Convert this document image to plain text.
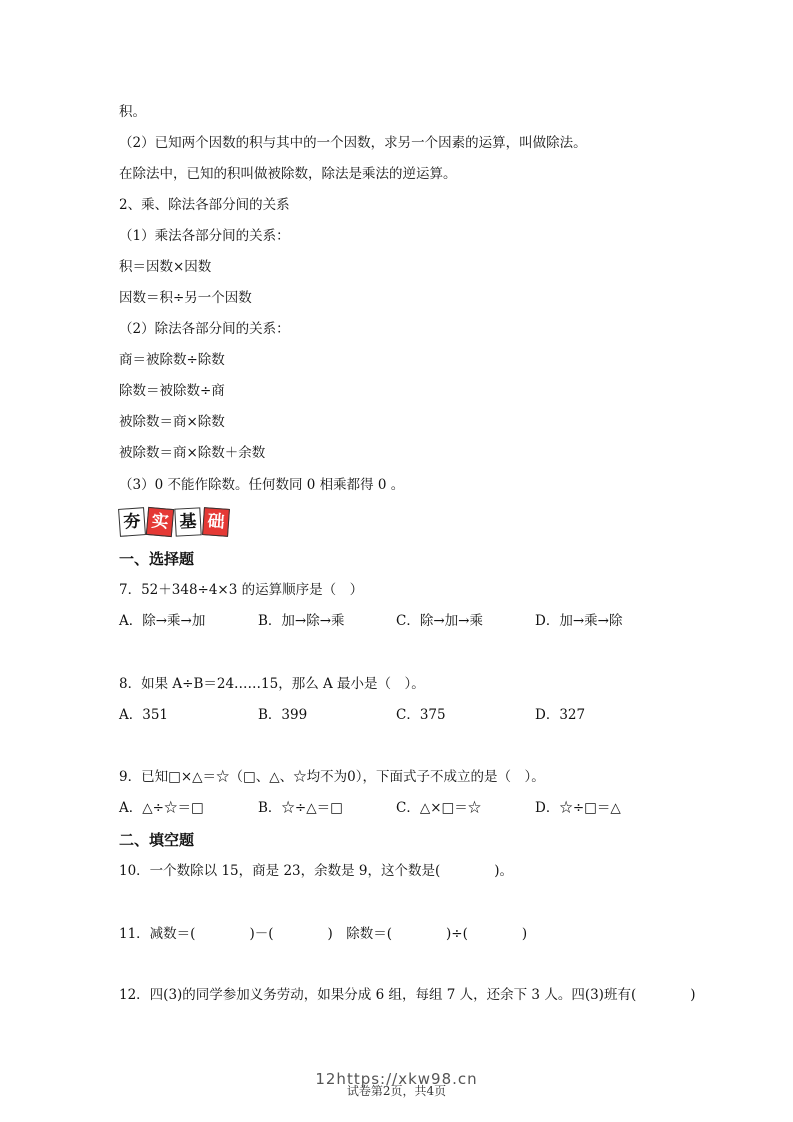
积。
（2）已知两个因数的积与其中的一个因数，求另一个因素的运算，叫做除法。
在除法中，已知的积叫做被除数，除法是乘法的逆运算。
2、乘、除法各部分间的关系
（1）乘法各部分间的关系：
积＝因数×因数
因数＝积÷另一个因数
（2）除法各部分间的关系：
商＝被除数÷除数
除数＝被除数÷商
被除数＝商×除数
被除数＝商×除数＋余数
（3）0 不能作除数。任何数同 0 相乘都得 0 。
夯 实 基 础
一、选择题
7．52＋348÷4×3 的运算顺序是（　）
A．除→乘→加	B．加→除→乘	C．除→加→乘	D．加→乘→除
8．如果 A÷B＝24……15，那么 A 最小是（　）。
A．351	B．399	C．375	D．327
9．已知□×△＝☆（□、△、☆均不为0），下面式子不成立的是（　）。
A．△÷☆＝□	B．☆÷△＝□	C．△×□＝☆	D．☆÷□＝△
二、填空题
10．一个数除以 15，商是 23，余数是 9，这个数是(　　　　)。
11．减数＝(　　　　)－(　　　　)　除数＝(　　　　)÷(　　　　)
12．四(3)的同学参加义务劳动，如果分成 6 组，每组 7 人，还余下 3 人。四(3)班有(　　　　)
12https://xkw98.cn
试卷第2页，共4页
